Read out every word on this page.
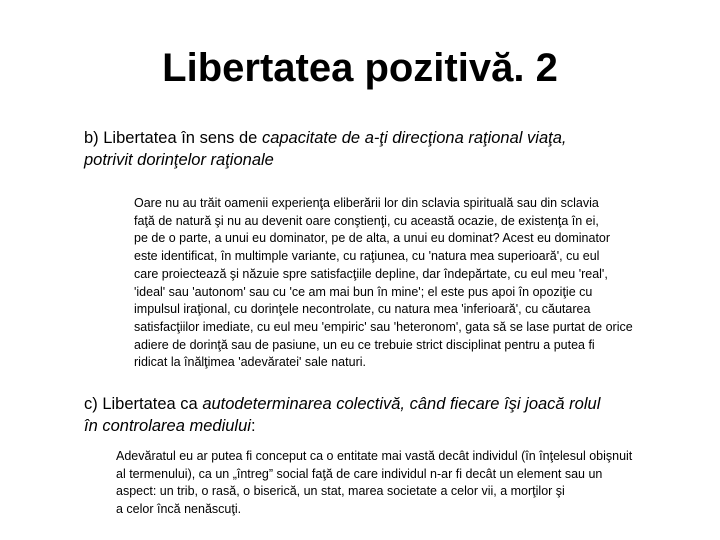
Libertatea pozitivă. 2

b) Libertatea în sens de capacitate de a-ţi direcţiona raţional viaţa,
potrivit dorinţelor raţionale

Oare nu au trăit oamenii experienţa eliberării lor din sclavia spirituală sau din sclavia
faţă de natură şi nu au devenit oare conştienţi, cu această ocazie, de existenţa în ei,
pe de o parte, a unui eu dominator, pe de alta, a unui eu dominat? Acest eu dominator
este identificat, în multimple variante, cu raţiunea, cu 'natura mea superioară', cu eul
care proiectează şi năzuie spre satisfacţiile depline, dar îndepărtate, cu eul meu 'real',
'ideal' sau 'autonom' sau cu 'ce am mai bun în mine'; el este pus apoi în opoziţie cu
impulsul iraţional, cu dorinţele necontrolate, cu natura mea 'inferioară', cu căutarea
satisfacţiilor imediate, cu eul meu 'empiric' sau 'heteronom', gata să se lase purtat de orice
adiere de dorinţă sau de pasiune, un eu ce trebuie strict disciplinat pentru a putea fi
ridicat la înălţimea 'adevăratei' sale naturi.

c) Libertatea ca autodeterminarea colectivă, când fiecare îşi joacă rolul
în controlarea mediului:

Adevăratul eu ar putea fi conceput ca o entitate mai vastă decât individul (în înţelesul obişnuit
al termenului), ca un „întreg” social faţă de care individul n-ar fi decât un element sau un
aspect: un trib, o rasă, o biserică, un stat, marea societate a celor vii, a morţilor şi
a celor încă nenăscuţi.
